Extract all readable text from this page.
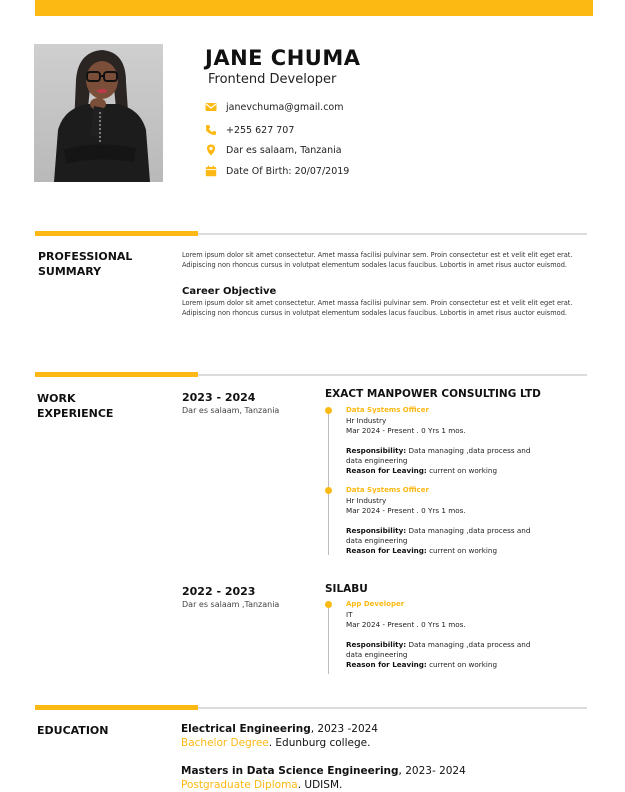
JANE CHUMA
Frontend Developer
janevchuma@gmail.com
+255 627 707
Dar es salaam, Tanzania
Date Of Birth: 20/07/2019
PROFESSIONAL
SUMMARY
Lorem ipsum dolor sit amet consectetur. Amet massa facilisi pulvinar sem. Proin consectetur est et velit elit eget erat. Adipiscing non rhoncus cursus in volutpat elementum sodales lacus faucibus. Lobortis in amet risus auctor euismod.
Career Objective
Lorem ipsum dolor sit amet consectetur. Amet massa facilisi pulvinar sem. Proin consectetur est et velit elit eget erat. Adipiscing non rhoncus cursus in volutpat elementum sodales lacus faucibus. Lobortis in amet risus auctor euismod.
WORK
EXPERIENCE
2023 - 2024
Dar es salaam, Tanzania
EXACT MANPOWER CONSULTING LTD
Data Systems Officer
Hr Industry
Mar 2024 - Present . 0 Yrs 1 mos.
Responsibility: Data managing ,data process and
data engineering
Reason for Leaving: current on working
Data Systems Officer
Hr Industry
Mar 2024 - Present . 0 Yrs 1 mos.
Responsibility: Data managing ,data process and
data engineering
Reason for Leaving: current on working
2022 - 2023
Dar es salaam ,Tanzania
SILABU
App Developer
IT
Mar 2024 - Present . 0 Yrs 1 mos.
Responsibility: Data managing ,data process and
data engineering
Reason for Leaving: current on working
EDUCATION	Electrical Engineering, 2023 -2024
Bachelor Degree. Edunburg college.
Masters in Data Science Engineering, 2023- 2024
Postgraduate Diploma. UDISM.
